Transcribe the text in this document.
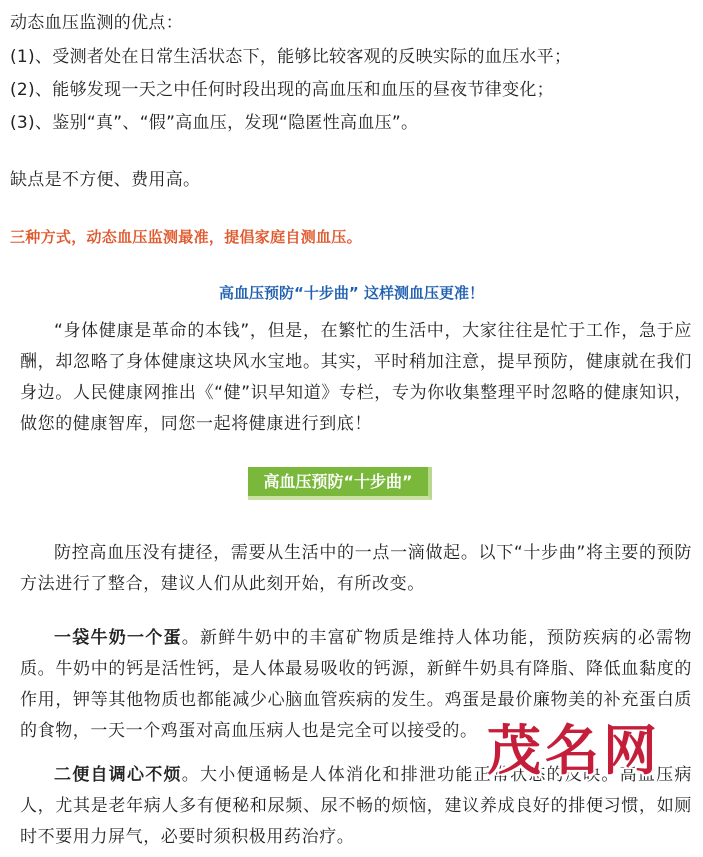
动态血压监测的优点：
(1)、受测者处在日常生活状态下，能够比较客观的反映实际的血压水平；
(2)、能够发现一天之中任何时段出现的高血压和血压的昼夜节律变化；
(3)、鉴别“真”、“假”高血压，发现“隐匿性高血压”。
缺点是不方便、费用高。
三种方式，动态血压监测最准，提倡家庭自测血压。
高血压预防“十步曲” 这样测血压更准！
“身体健康是革命的本钱”，但是，在繁忙的生活中，大家往往是忙于工作，急于应酬，却忽略了身体健康这块风水宝地。其实，平时稍加注意，提早预防，健康就在我们身边。人民健康网推出《“健”识早知道》专栏，专为你收集整理平时忽略的健康知识，做您的健康智库，同您一起将健康进行到底！
高血压预防“十步曲”
防控高血压没有捷径，需要从生活中的一点一滴做起。以下“十步曲”将主要的预防方法进行了整合，建议人们从此刻开始，有所改变。
一袋牛奶一个蛋。新鲜牛奶中的丰富矿物质是维持人体功能，预防疾病的必需物质。牛奶中的钙是活性钙，是人体最易吸收的钙源，新鲜牛奶具有降脂、降低血黏度的作用，钾等其他物质也都能减少心脑血管疾病的发生。鸡蛋是最价廉物美的补充蛋白质的食物，一天一个鸡蛋对高血压病人也是完全可以接受的。
二便自调心不烦。大小便通畅是人体消化和排泄功能正常状态的反映。高血压病人，尤其是老年病人多有便秘和尿频、尿不畅的烦恼，建议养成良好的排便习惯，如厕时不要用力屏气，必要时须积极用药治疗。
茂名网
